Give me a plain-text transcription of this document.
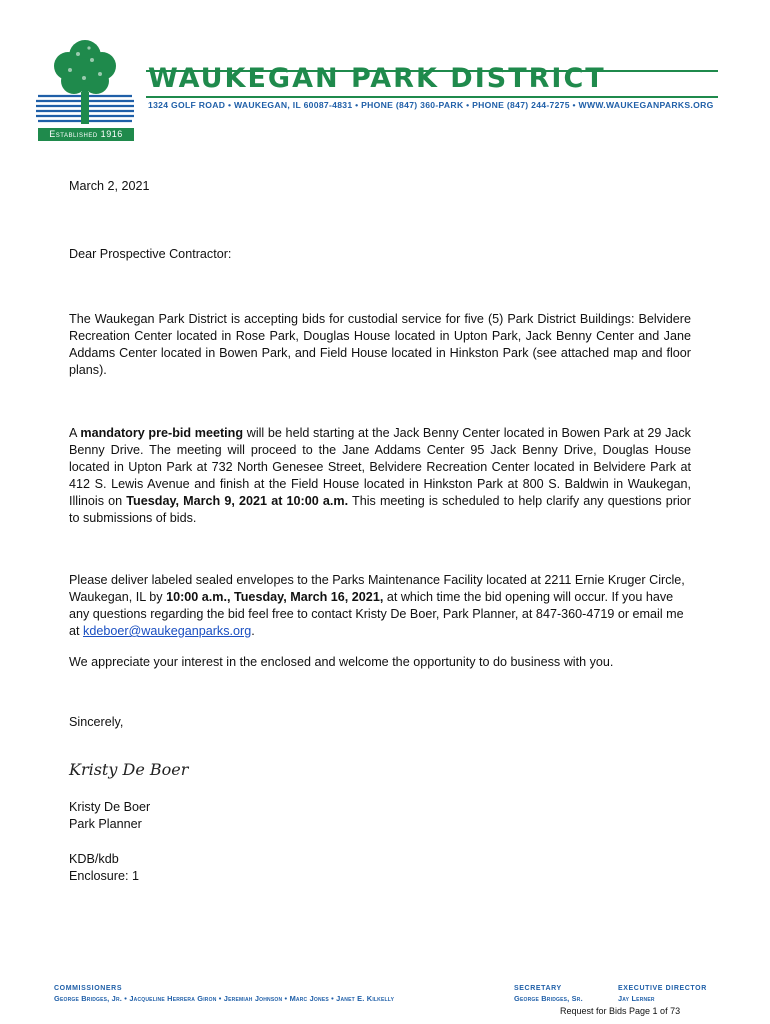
Established 1916
WAUKEGAN PARK DISTRICT
1324 GOLF ROAD • WAUKEGAN, IL 60087-4831 • PHONE (847) 360-PARK • PHONE (847) 244-7275 • WWW.WAUKEGANPARKS.ORG
March 2, 2021
Dear Prospective Contractor:
The Waukegan Park District is accepting bids for custodial service for five (5) Park District Buildings: Belvidere Recreation Center located in Rose Park, Douglas House located in Upton Park, Jack Benny Center and Jane Addams Center located in Bowen Park, and Field House located in Hinkston Park (see attached map and floor plans).
A mandatory pre-bid meeting will be held starting at the Jack Benny Center located in Bowen Park at 29 Jack Benny Drive. The meeting will proceed to the Jane Addams Center 95 Jack Benny Drive, Douglas House located in Upton Park at 732 North Genesee Street, Belvidere Recreation Center located in Belvidere Park at 412 S. Lewis Avenue and finish at the Field House located in Hinkston Park at 800 S. Baldwin in Waukegan, Illinois on Tuesday, March 9, 2021 at 10:00 a.m. This meeting is scheduled to help clarify any questions prior to submissions of bids.
Please deliver labeled sealed envelopes to the Parks Maintenance Facility located at 2211 Ernie Kruger Circle, Waukegan, IL by 10:00 a.m., Tuesday, March 16, 2021, at which time the bid opening will occur. If you have any questions regarding the bid feel free to contact Kristy De Boer, Park Planner, at 847-360-4719 or email me at kdeboer@waukeganparks.org.
We appreciate your interest in the enclosed and welcome the opportunity to do business with you.
Sincerely,
Kristy De Boer
Kristy De Boer
Park Planner
KDB/kdb
Enclosure: 1
COMMISSIONERS
George Bridges, Jr. • Jacqueline Herrera Giron • Jeremiah Johnson • Marc Jones • Janet E. Kilkelly
SECRETARY
George Bridges, Sr.
EXECUTIVE DIRECTOR
Jay Lerner
Request for Bids Page 1 of 73
